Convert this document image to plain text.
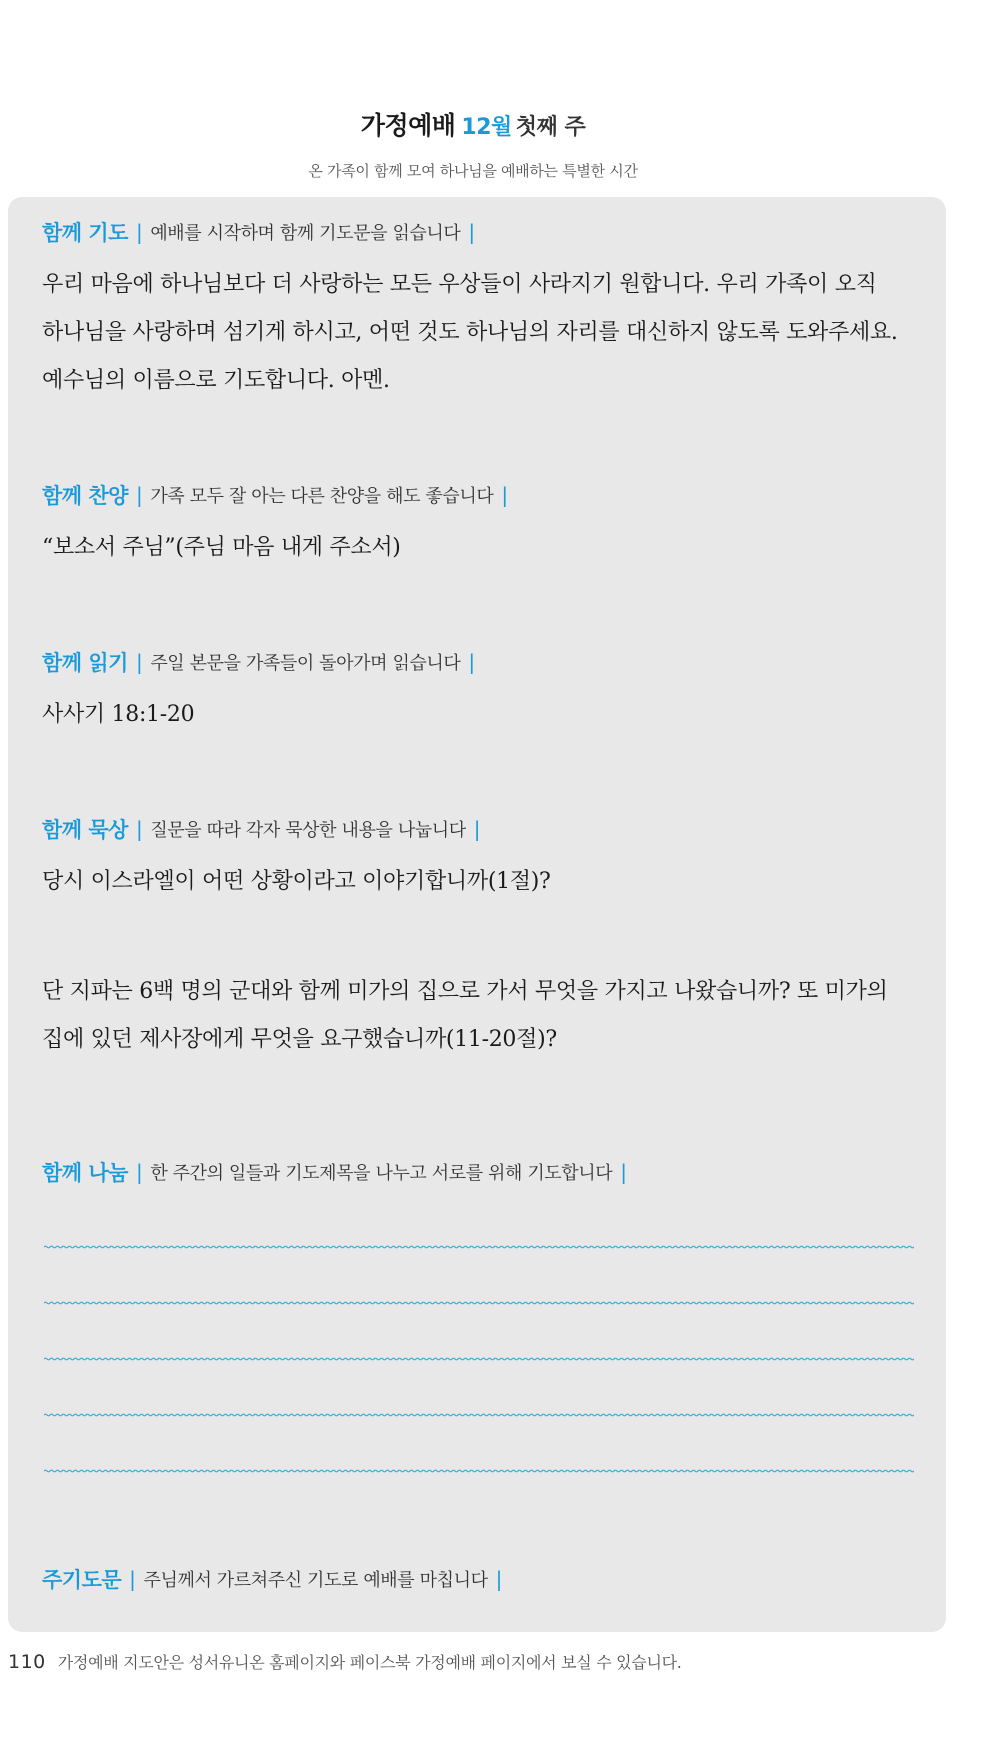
가정예배 12월 첫째 주
온 가족이 함께 모여 하나님을 예배하는 특별한 시간
함께 기도 | 예배를 시작하며 함께 기도문을 읽습니다 |
우리 마음에 하나님보다 더 사랑하는 모든 우상들이 사라지기 원합니다. 우리 가족이 오직 하나님을 사랑하며 섬기게 하시고, 어떤 것도 하나님의 자리를 대신하지 않도록 도와주세요. 예수님의 이름으로 기도합니다. 아멘.
함께 찬양 | 가족 모두 잘 아는 다른 찬양을 해도 좋습니다 |
“보소서 주님”(주님 마음 내게 주소서)
함께 읽기 | 주일 본문을 가족들이 돌아가며 읽습니다 |
사사기 18:1-20
함께 묵상 | 질문을 따라 각자 묵상한 내용을 나눕니다 |
당시 이스라엘이 어떤 상황이라고 이야기합니까(1절)?
단 지파는 6백 명의 군대와 함께 미가의 집으로 가서 무엇을 가지고 나왔습니까? 또 미가의 집에 있던 제사장에게 무엇을 요구했습니까(11-20절)?
함께 나눔 | 한 주간의 일들과 기도제목을 나누고 서로를 위해 기도합니다 |
주기도문 | 주님께서 가르쳐주신 기도로 예배를 마칩니다 |
110 가정예배 지도안은 성서유니온 홈페이지와 페이스북 가정예배 페이지에서 보실 수 있습니다.
